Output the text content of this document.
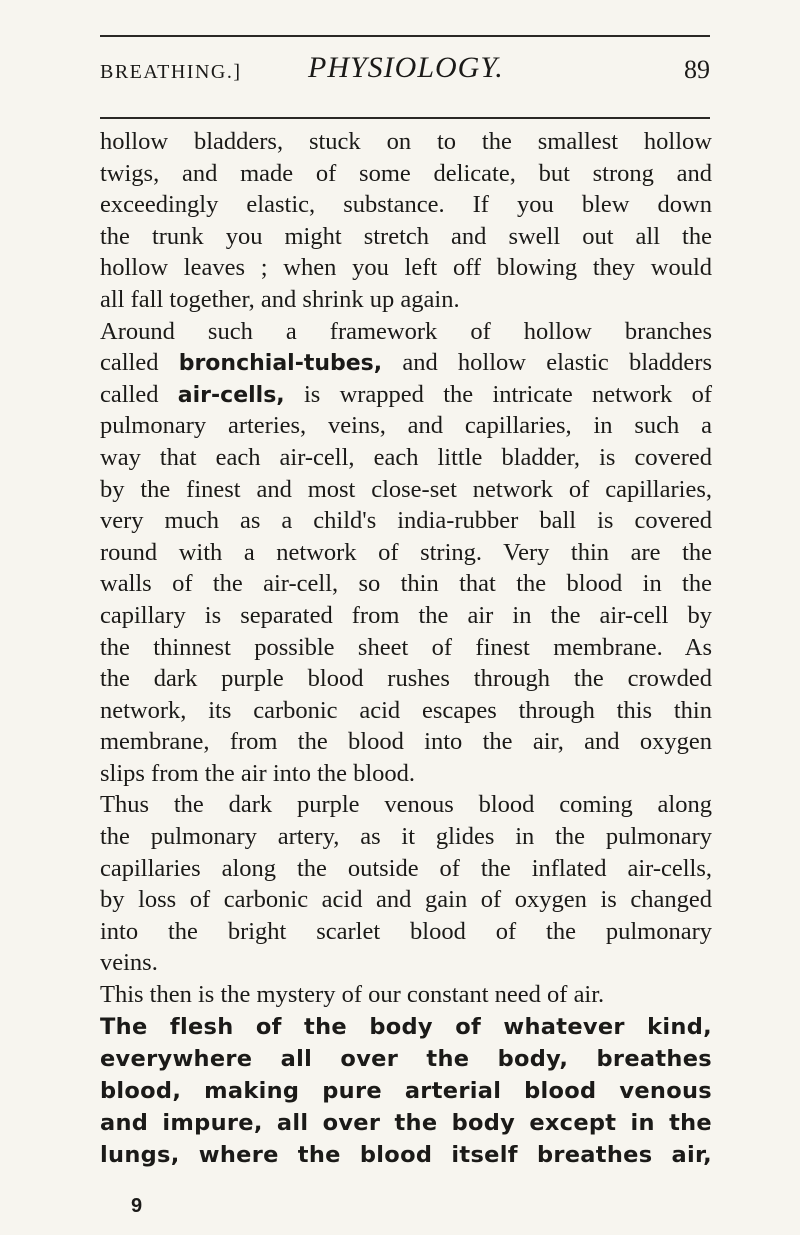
BREATHING.] PHYSIOLOGY.	89
hollow bladders, stuck on to the smallest hollow
twigs, and made of some delicate, but strong and
exceedingly elastic, substance. If you blew down
the trunk you might stretch and swell out all the
hollow leaves ; when you left off blowing they would
all fall together, and shrink up again.
Around such a framework of hollow branches
called bronchial-tubes, and hollow elastic bladders
called air-cells, is wrapped the intricate network of
pulmonary arteries, veins, and capillaries, in such a
way that each air-cell, each little bladder, is covered
by the finest and most close-set network of capillaries,
very much as a child's india-rubber ball is covered
round with a network of string. Very thin are the
walls of the air-cell, so thin that the blood in the
capillary is separated from the air in the air-cell by
the thinnest possible sheet of finest membrane. As
the dark purple blood rushes through the crowded
network, its carbonic acid escapes through this thin
membrane, from the blood into the air, and oxygen
slips from the air into the blood.
Thus the dark purple venous blood coming along
the pulmonary artery, as it glides in the pulmonary
capillaries along the outside of the inflated air-cells,
by loss of carbonic acid and gain of oxygen is changed
into the bright scarlet blood of the pulmonary
veins.
This then is the mystery of our constant need of air.
The flesh of the body of whatever kind,
everywhere all over the body, breathes
blood, making pure arterial blood venous
and impure, all over the body except in the
lungs, where the blood itself breathes air,
9
